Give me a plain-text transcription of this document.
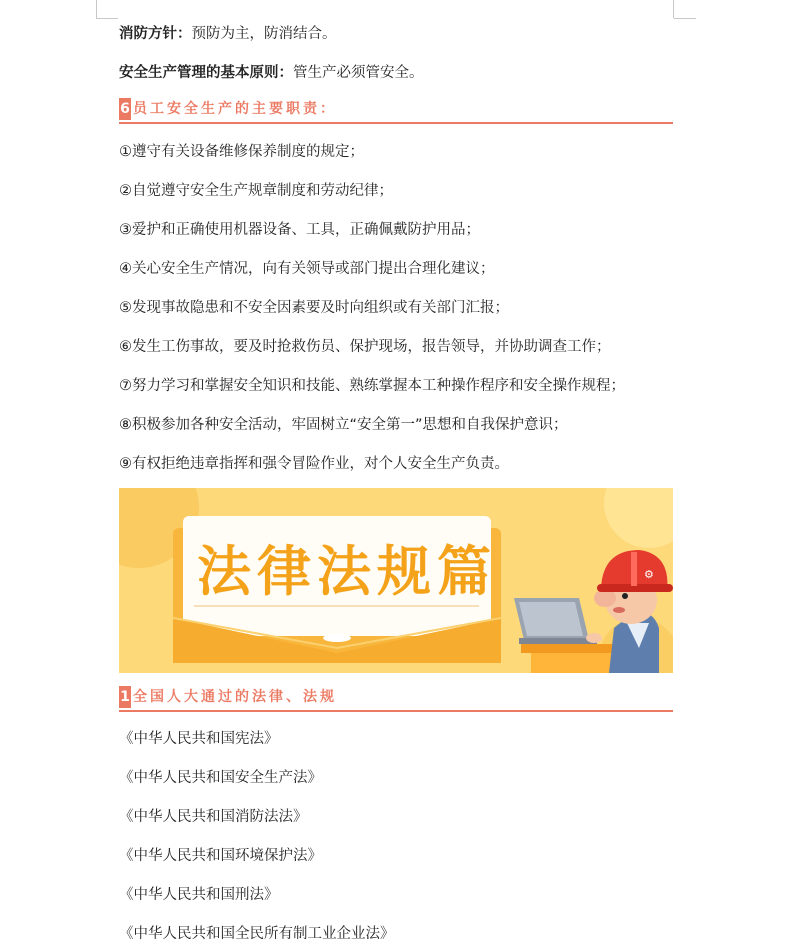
消防方针：预防为主，防消结合。
安全生产管理的基本原则：管生产必须管安全。
6 员工安全生产的主要职责：
①遵守有关设备维修保养制度的规定；
②自觉遵守安全生产规章制度和劳动纪律；
③爱护和正确使用机器设备、工具，正确佩戴防护用品；
④关心安全生产情况，向有关领导或部门提出合理化建议；
⑤发现事故隐患和不安全因素要及时向组织或有关部门汇报；
⑥发生工伤事故，要及时抢救伤员、保护现场，报告领导，并协助调查工作；
⑦努力学习和掌握安全知识和技能、熟练掌握本工种操作程序和安全操作规程；
⑧积极参加各种安全活动，牢固树立“安全第一”思想和自我保护意识；
⑨有权拒绝违章指挥和强令冒险作业，对个人安全生产负责。
⚙
法律法规篇
1 全国人大通过的法律、法规
《中华人民共和国宪法》
《中华人民共和国安全生产法》
《中华人民共和国消防法法》
《中华人民共和国环境保护法》
《中华人民共和国刑法》
《中华人民共和国全民所有制工业企业法》
